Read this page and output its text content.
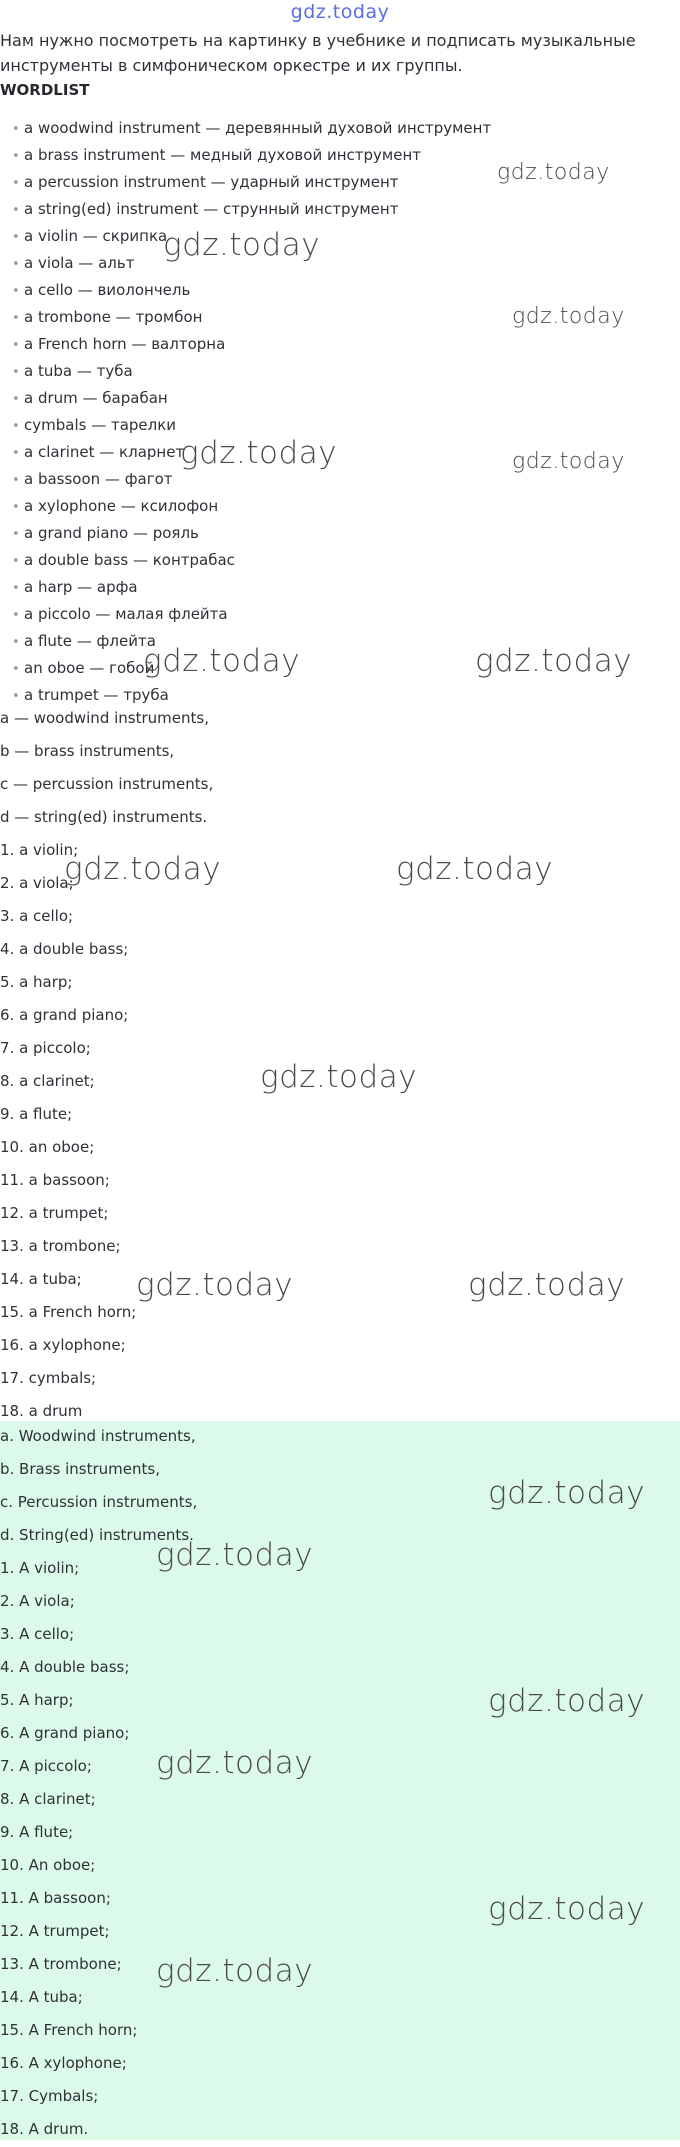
gdz.today
Нам нужно посмотреть на картинку в учебнике и подписать музыкальные инструменты в симфоническом оркестре и их группы.
WORDLIST
• a woodwind instrument — деревянный духовой инструмент
• a brass instrument — медный духовой инструмент
• a percussion instrument — ударный инструмент
• a string(ed) instrument — струнный инструмент
• a violin — скрипка
• a viola — альт
• a cello — виолончель
• a trombone — тромбон
• a French horn — валторна
• a tuba — туба
• a drum — барабан
• cymbals — тарелки
• a clarinet — кларнет
• a bassoon — фагот
• a xylophone — ксилофон
• a grand piano — рояль
• a double bass — контрабас
• a harp — арфа
• a piccolo — малая флейта
• a flute — флейта
• an oboe — гобой
• a trumpet — труба
a — woodwind instruments,
b — brass instruments,
c — percussion instruments,
d — string(ed) instruments.
1. a violin;
2. a viola;
3. a cello;
4. a double bass;
5. a harp;
6. a grand piano;
7. a piccolo;
8. a clarinet;
9. a flute;
10. an oboe;
11. a bassoon;
12. a trumpet;
13. a trombone;
14. a tuba;
15. a French horn;
16. a xylophone;
17. cymbals;
18. a drum
a. Woodwind instruments,
b. Brass instruments,
c. Percussion instruments,
d. String(ed) instruments.
1. A violin;
2. A viola;
3. A cello;
4. A double bass;
5. A harp;
6. A grand piano;
7. A piccolo;
8. A clarinet;
9. A flute;
10. An oboe;
11. A bassoon;
12. A trumpet;
13. A trombone;
14. A tuba;
15. A French horn;
16. A xylophone;
17. Cymbals;
18. A drum.
gdz.today
gdz.today
gdz.today
gdz.today	gdz.today
gdz.today	gdz.today
gdz.today	gdz.today
gdz.today
gdz.today	gdz.today
gdz.today
gdz.today
gdz.today
gdz.today
gdz.today
gdz.today
